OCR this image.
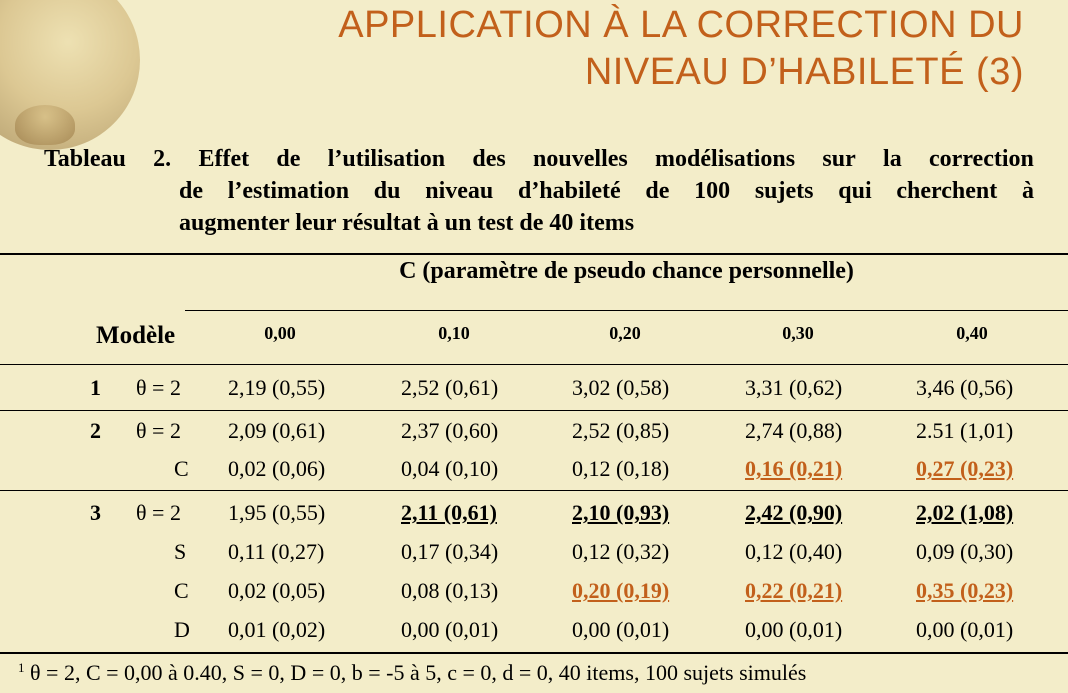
APPLICATION À LA CORRECTION DU
NIVEAU D’HABILETÉ (3)
Tableau 2. Effet de l’utilisation des nouvelles modélisations sur la correction
de l’estimation du niveau d’habileté de 100 sujets qui cherchent à
augmenter leur résultat à un test de 40 items
C (paramètre de pseudo chance personnelle)
Modèle	0,00	0,10	0,20	0,30	0,40
1 θ = 2 2,19 (0,55)	2,52 (0,61)	3,02 (0,58)	3,31 (0,62)	3,46 (0,56)
2 θ = 2 2,09 (0,61)	2,37 (0,60)	2,52 (0,85)	2,74 (0,88)	2.51 (1,01)
C 0,02 (0,06)	0,04 (0,10)	0,12 (0,18)	0,16 (0,21)	0,27 (0,23)
3 θ = 2 1,95 (0,55)	2,11 (0,61)	2,10 (0,93)	2,42 (0,90)	2,02 (1,08)
S 0,11 (0,27)	0,17 (0,34)	0,12 (0,32)	0,12 (0,40)	0,09 (0,30)
C 0,02 (0,05)	0,08 (0,13)	0,20 (0,19)	0,22 (0,21)	0,35 (0,23)
D 0,01 (0,02)	0,00 (0,01)	0,00 (0,01)	0,00 (0,01)	0,00 (0,01)
$^1$ θ = 2, C = 0,00 à 0.40, S = 0, D = 0, b = -5 à 5, c = 0, d = 0, 40 items, 100 sujets simulés
